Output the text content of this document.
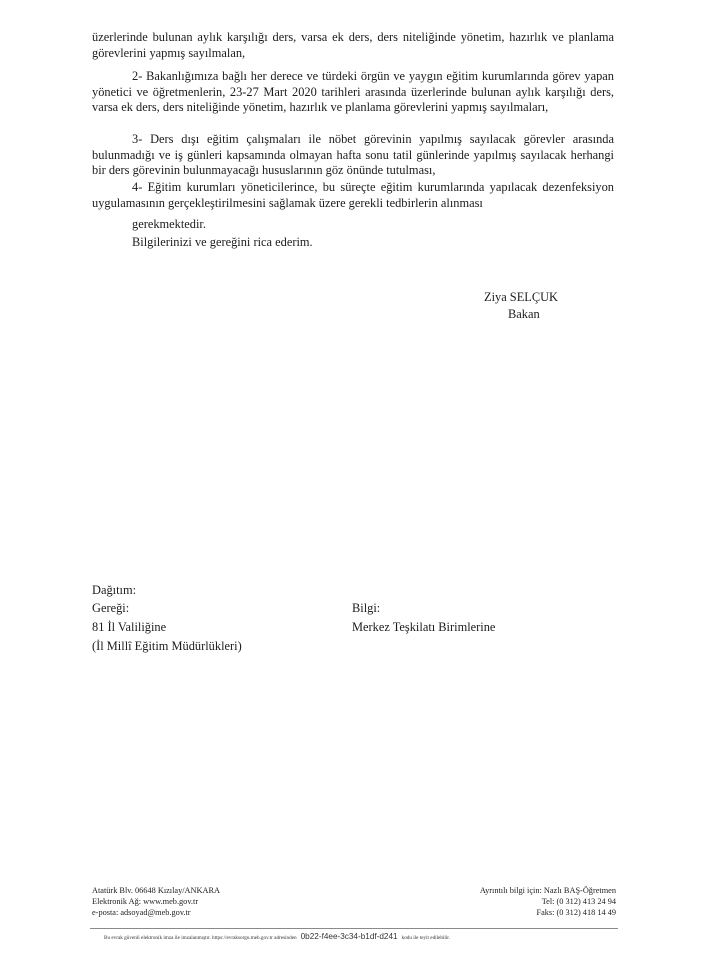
üzerlerinde bulunan aylık karşılığı ders, varsa ek ders, ders niteliğinde yönetim, hazırlık ve planlama görevlerini yapmış sayılmalan,
2- Bakanlığımıza bağlı her derece ve türdeki örgün ve yaygın eğitim kurumlarında görev yapan yönetici ve öğretmenlerin, 23-27 Mart 2020 tarihleri arasında üzerlerinde bulunan aylık karşılığı ders, varsa ek ders, ders niteliğinde yönetim, hazırlık ve planlama görevlerini yapmış sayılmaları,
3- Ders dışı eğitim çalışmaları ile nöbet görevinin yapılmış sayılacak görevler arasında bulunmadığı ve iş günleri kapsamında olmayan hafta sonu tatil günlerinde yapılmış sayılacak herhangi bir ders görevinin bulunmayacağı hususlarının göz önünde tutulması,
4- Eğitim kurumları yöneticilerince, bu süreçte eğitim kurumlarında yapılacak dezenfeksiyon uygulamasının gerçekleştirilmesini sağlamak üzere gerekli tedbirlerin alınması
gerekmektedir.
Bilgilerinizi ve gereğini rica ederim.
Ziya SELÇUK
Bakan
Dağıtım:
Gereği:
81 İl Valiliğine
(İl Millî Eğitim Müdürlükleri)
Bilgi:
Merkez Teşkilatı Birimlerine
Atatürk Blv. 06648 Kızılay/ANKARA
Elektronik Ağ: www.meb.gov.tr
e-posta: adsoyad@meb.gov.tr
Ayrıntılı bilgi için: Nazlı BAŞ-Öğretmen
Tel: (0 312) 413 24 94
Faks: (0 312) 418 14 49
Bu evrak güvenli elektronik imza ile imzalanmıştır. https://evraksorgu.meb.gov.tr adresinden 0b22-f4ee-3c34-b1df-d241 kodu ile teyit edilebilir.
